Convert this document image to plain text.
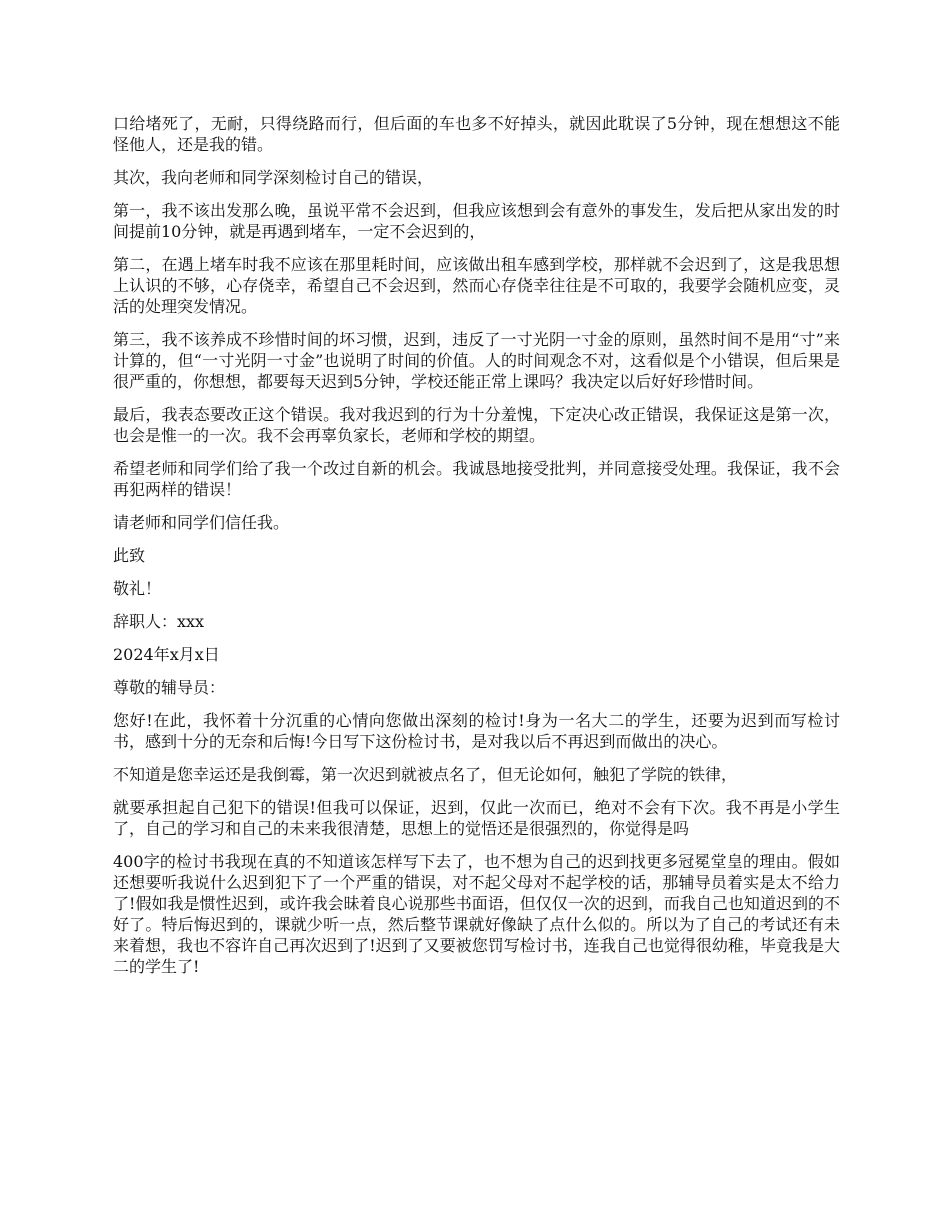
口给堵死了，无耐，只得绕路而行，但后面的车也多不好掉头，就因此耽误了5分钟，现在想想这不能怪他人，还是我的错。

其次，我向老师和同学深刻检讨自己的错误，

第一，我不该出发那么晚，虽说平常不会迟到，但我应该想到会有意外的事发生，发后把从家出发的时间提前10分钟，就是再遇到堵车，一定不会迟到的，

第二，在遇上堵车时我不应该在那里耗时间，应该做出租车感到学校，那样就不会迟到了，这是我思想上认识的不够，心存侥幸，希望自己不会迟到，然而心存侥幸往往是不可取的，我要学会随机应变，灵活的处理突发情况。

第三，我不该养成不珍惜时间的坏习惯，迟到，违反了一寸光阴一寸金的原则，虽然时间不是用“寸”来计算的，但“一寸光阴一寸金”也说明了时间的价值。人的时间观念不对，这看似是个小错误，但后果是很严重的，你想想，都要每天迟到5分钟，学校还能正常上课吗？我决定以后好好珍惜时间。

最后，我表态要改正这个错误。我对我迟到的行为十分羞愧，下定决心改正错误，我保证这是第一次，也会是惟一的一次。我不会再辜负家长，老师和学校的期望。

希望老师和同学们给了我一个改过自新的机会。我诚恳地接受批判，并同意接受处理。我保证，我不会再犯两样的错误！

请老师和同学们信任我。

此致

敬礼！

辞职人：xxx

2024年x月x日

尊敬的辅导员：

您好!在此，我怀着十分沉重的心情向您做出深刻的检讨!身为一名大二的学生，还要为迟到而写检讨书，感到十分的无奈和后悔!今日写下这份检讨书，是对我以后不再迟到而做出的决心。

不知道是您幸运还是我倒霉，第一次迟到就被点名了，但无论如何，触犯了学院的铁律，

就要承担起自己犯下的错误!但我可以保证，迟到，仅此一次而已，绝对不会有下次。我不再是小学生了，自己的学习和自己的未来我很清楚，思想上的觉悟还是很强烈的，你觉得是吗

400字的检讨书我现在真的不知道该怎样写下去了，也不想为自己的迟到找更多冠冕堂皇的理由。假如还想要听我说什么迟到犯下了一个严重的错误，对不起父母对不起学校的话，那辅导员着实是太不给力了!假如我是惯性迟到，或许我会昧着良心说那些书面语，但仅仅一次的迟到，而我自己也知道迟到的不好了。特后悔迟到的，课就少听一点，然后整节课就好像缺了点什么似的。所以为了自己的考试还有未来着想，我也不容许自己再次迟到了!迟到了又要被您罚写检讨书，连我自己也觉得很幼稚，毕竟我是大二的学生了!
